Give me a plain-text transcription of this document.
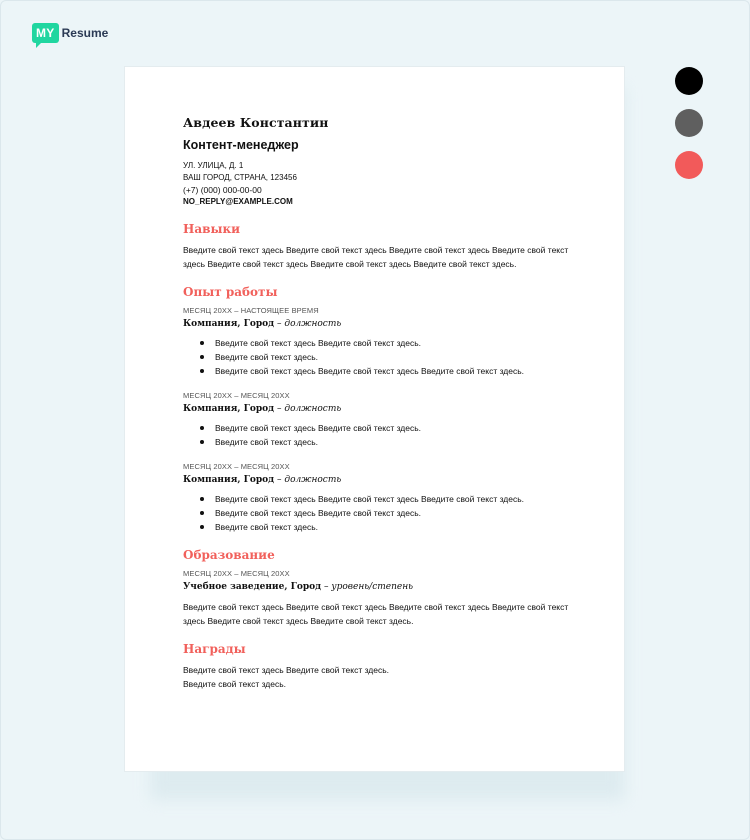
MY Resume
Авдеев Константин
Контент-менеджер
УЛ. УЛИЦА, Д. 1
ВАШ ГОРОД, СТРАНА, 123456
(+7) (000) 000-00-00
NO_REPLY@EXAMPLE.COM
Навыки
Введите свой текст здесь Введите свой текст здесь Введите свой текст здесь Введите свой текст здесь Введите свой текст здесь Введите свой текст здесь Введите свой текст здесь.
Опыт работы
МЕСЯЦ 20XX – НАСТОЯЩЕЕ ВРЕМЯ
Компания, Город – должность
Введите свой текст здесь Введите свой текст здесь.
Введите свой текст здесь.
Введите свой текст здесь Введите свой текст здесь Введите свой текст здесь.
МЕСЯЦ 20XX – МЕСЯЦ 20XX
Компания, Город – должность
Введите свой текст здесь Введите свой текст здесь.
Введите свой текст здесь.
МЕСЯЦ 20XX – МЕСЯЦ 20XX
Компания, Город – должность
Введите свой текст здесь Введите свой текст здесь Введите свой текст здесь.
Введите свой текст здесь Введите свой текст здесь.
Введите свой текст здесь.
Образование
МЕСЯЦ 20XX – МЕСЯЦ 20XX
Учебное заведение, Город – уровень/степень
Введите свой текст здесь Введите свой текст здесь Введите свой текст здесь Введите свой текст здесь Введите свой текст здесь Введите свой текст здесь.
Награды
Введите свой текст здесь Введите свой текст здесь.
Введите свой текст здесь.
